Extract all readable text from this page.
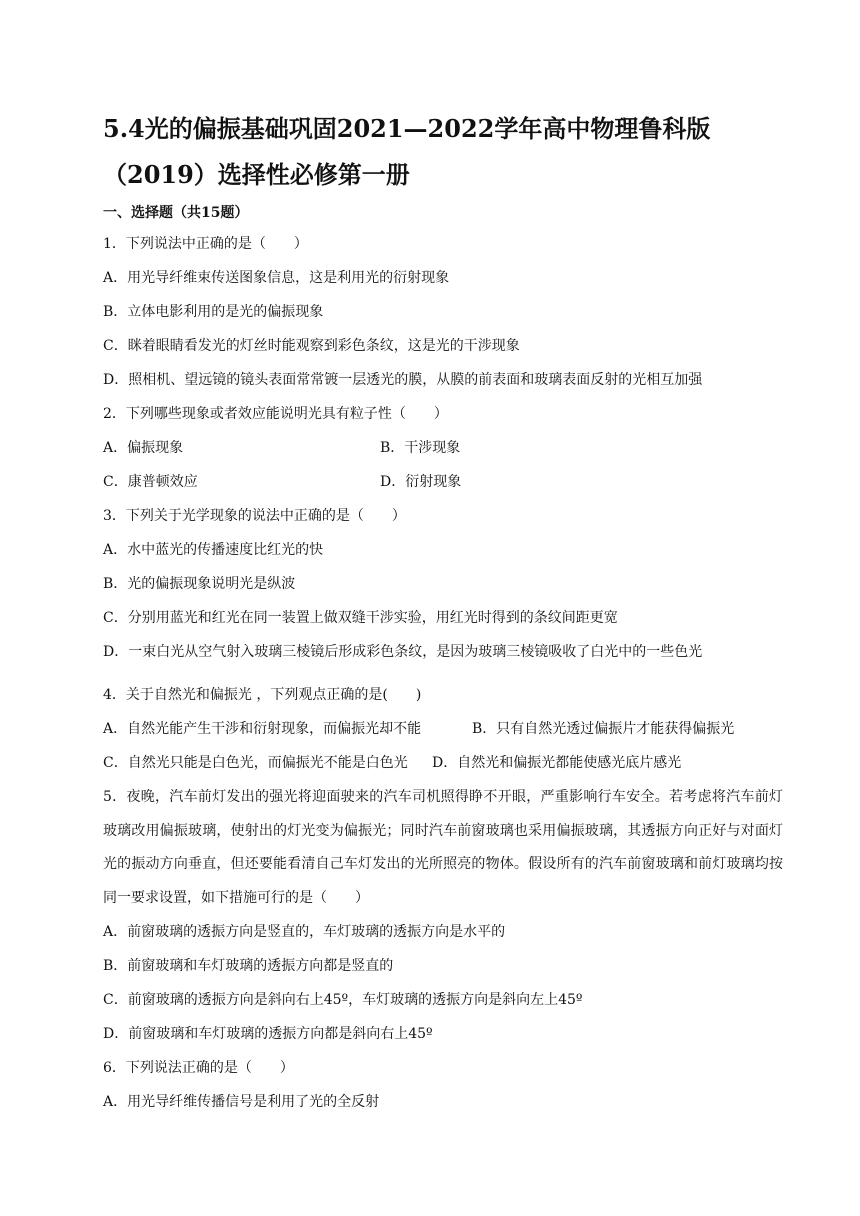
5.4光的偏振基础巩固2021—2022学年高中物理鲁科版（2019）选择性必修第一册
一、选择题（共15题）
1．下列说法中正确的是（　　）
A．用光导纤维束传送图象信息，这是利用光的衍射现象
B．立体电影利用的是光的偏振现象
C．眯着眼睛看发光的灯丝时能观察到彩色条纹，这是光的干涉现象
D．照相机、望远镜的镜头表面常常镀一层透光的膜，从膜的前表面和玻璃表面反射的光相互加强
2．下列哪些现象或者效应能说明光具有粒子性（　　）
A．偏振现象	B．干涉现象
C．康普顿效应	D．衍射现象
3．下列关于光学现象的说法中正确的是（　　）
A．水中蓝光的传播速度比红光的快
B．光的偏振现象说明光是纵波
C．分别用蓝光和红光在同一装置上做双缝干涉实验，用红光时得到的条纹间距更宽
D．一束白光从空气射入玻璃三棱镜后形成彩色条纹，是因为玻璃三棱镜吸收了白光中的一些色光
4．关于自然光和偏振光 ，下列观点正确的是(　　)
A．自然光能产生干涉和衍射现象，而偏振光却不能	B．只有自然光透过偏振片才能获得偏振光
C．自然光只能是白色光，而偏振光不能是白色光 D．自然光和偏振光都能使感光底片感光
5．夜晚，汽车前灯发出的强光将迎面驶来的汽车司机照得睁不开眼，严重影响行车安全。若考虑将汽车前灯玻璃改用偏振玻璃，使射出的灯光变为偏振光；同时汽车前窗玻璃也采用偏振玻璃，其透振方向正好与对面灯光的振动方向垂直，但还要能看清自己车灯发出的光所照亮的物体。假设所有的汽车前窗玻璃和前灯玻璃均按同一要求设置，如下措施可行的是（　　）
A．前窗玻璃的透振方向是竖直的，车灯玻璃的透振方向是水平的
B．前窗玻璃和车灯玻璃的透振方向都是竖直的
C．前窗玻璃的透振方向是斜向右上45º，车灯玻璃的透振方向是斜向左上45º
D．前窗玻璃和车灯玻璃的透振方向都是斜向右上45º
6．下列说法正确的是（　　）
A．用光导纤维传播信号是利用了光的全反射
